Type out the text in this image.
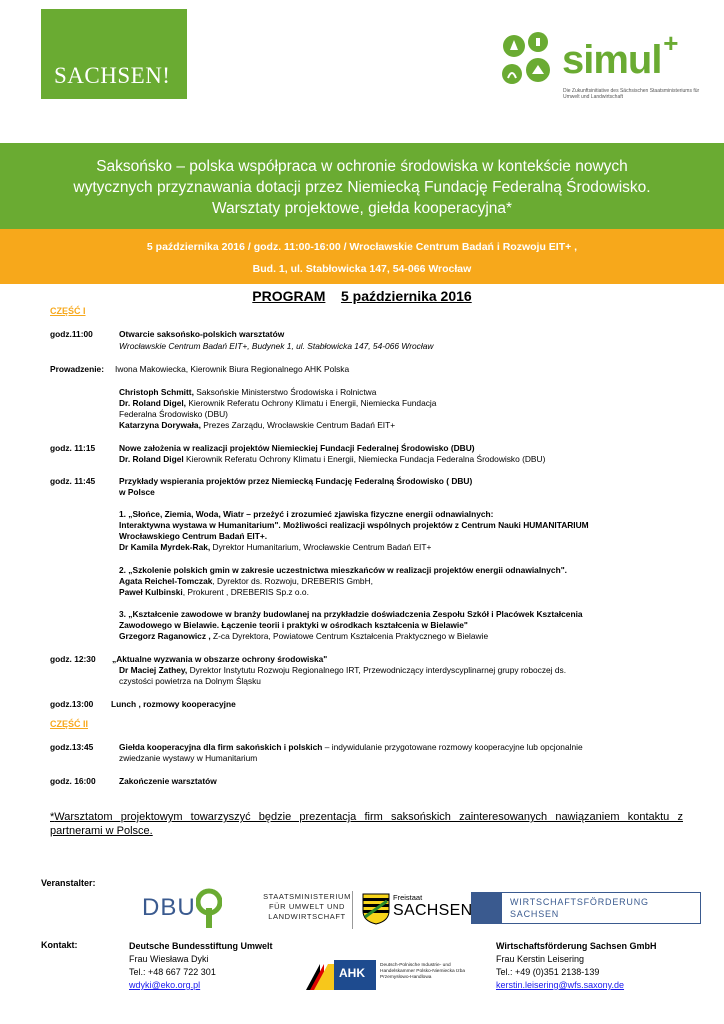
SACHSEN!	simul +
Die Zukunftsinitiative des Sächsischen Staatsministeriums für Umwelt und Landwirtschaft
Saksońsko – polska współpraca w ochronie środowiska w kontekście nowych
wytycznych przyznawania dotacji przez Niemiecką Fundację Federalną Środowisko.
Warsztaty projektowe, giełda kooperacyjna*
5 października 2016 / godz. 11:00-16:00 / Wrocławskie Centrum Badań i Rozwoju EIT+ ,
Bud. 1, ul. Stabłowicka 147, 54-066 Wrocław
PROGRAM 5 października 2016
CZĘŚĆ I
godz.11:00	Otwarcie saksońsko-polskich warsztatów
Wrocławskie Centrum Badań EIT+, Budynek 1, ul. Stabłowicka 147, 54-066 Wrocław
Prowadzenie: Iwona Makowiecka, Kierownik Biura Regionalnego AHK Polska
Christoph Schmitt, Saksońskie Ministerstwo Środowiska i Rolnictwa
Dr. Roland Digel, Kierownik Referatu Ochrony Klimatu i Energii, Niemiecka Fundacja
Federalna Środowisko (DBU)
Katarzyna Dorywała, Prezes Zarządu, Wrocławskie Centrum Badań EIT+
godz. 11:15	Nowe założenia w realizacji projektów Niemieckiej Fundacji Federalnej Środowisko (DBU)
Dr. Roland Digel Kierownik Referatu Ochrony Klimatu i Energii, Niemiecka Fundacja Federalna Środowisko (DBU)
godz. 11:45	Przykłady wspierania projektów przez Niemiecką Fundację Federalną Środowisko ( DBU)
w Polsce
1. „Słońce, Ziemia, Woda, Wiatr – przeżyć i zrozumieć zjawiska fizyczne energii odnawialnych:
Interaktywna wystawa w Humanitarium". Możliwości realizacji wspólnych projektów z Centrum Nauki HUMANITARIUM
Wrocławskiego Centrum Badań EIT+.
Dr Kamila Myrdek-Rak, Dyrektor Humanitarium, Wrocławskie Centrum Badań EIT+
2. „Szkolenie polskich gmin w zakresie uczestnictwa mieszkańców w realizacji projektów energii odnawialnych".
Agata Reichel-Tomczak, Dyrektor ds. Rozwoju, DREBERIS GmbH,
Paweł Kulbinski, Prokurent , DREBERIS Sp.z o.o.
3. „Kształcenie zawodowe w branży budowlanej na przykładzie doświadczenia Zespołu Szkół i Placówek Kształcenia
Zawodowego w Bielawie. Łączenie teorii i praktyki w ośrodkach kształcenia w Bielawie"
Grzegorz Raganowicz , Z-ca Dyrektora, Powiatowe Centrum Kształcenia Praktycznego w Bielawie
godz. 12:30 „Aktualne wyzwania w obszarze ochrony środowiska"
Dr Maciej Zathey, Dyrektor Instytutu Rozwoju Regionalnego IRT, Przewodniczący interdyscyplinarnej grupy roboczej ds.
czystości powietrza na Dolnym Śląsku
godz.13:00 Lunch , rozmowy kooperacyjne
CZĘŚĆ II
godz.13:45	Giełda kooperacyjna dla firm sakońskich i polskich – indywidulanie przygotowane rozmowy kooperacyjne lub opcjonalnie
zwiedzanie wystawy w Humanitarium
godz. 16:00	Zakończenie warsztatów
*Warsztatom projektowym towarzyszyć będzie prezentacja firm saksońskich zainteresowanych nawiązaniem kontaktu z partnerami w Polsce.
Veranstalter:
DBU	STAATSMINISTERIUM FÜR UMWELT UND LANDWIRTSCHAFT
Freistaat
SACHSEN	WIRTSCHAFTSFÖRDERUNG
SACHSEN
Kontakt:	Deutsche Bundesstiftung Umwelt
Frau Wiesława Dyki
Tel.: +48 667 722 301
wdyki@eko.org.pl
AHK
Deutsch-Polnische Industrie- und Handelskammer Polsko-Niemiecka Izba Przemysłowo-Handlowa
Wirtschaftsförderung Sachsen GmbH
Frau Kerstin Leisering
Tel.: +49 (0)351 2138-139
kerstin.leisering@wfs.saxony.de
